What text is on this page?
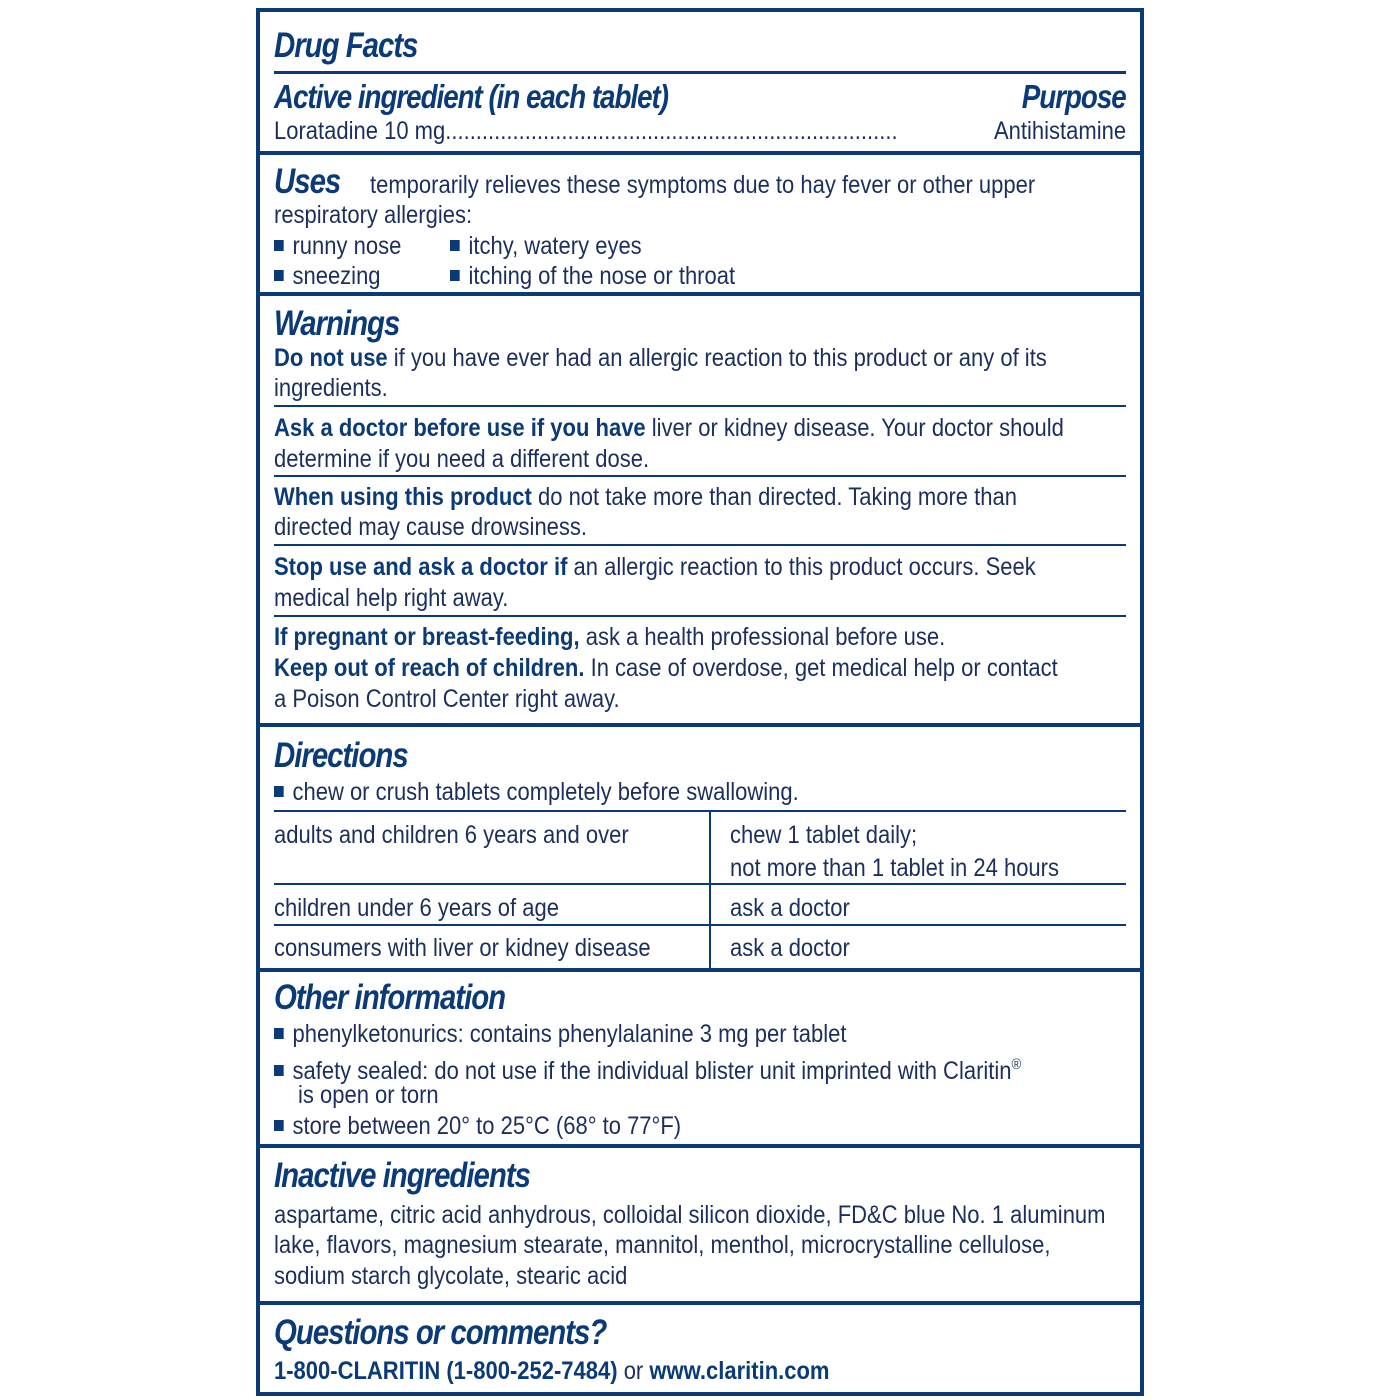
Drug Facts
Active ingredient (in each tablet)	Purpose
Loratadine 10 mg..........................................................................	Antihistamine
Uses temporarily relieves these symptoms due to hay fever or other upper
respiratory allergies:
runny nose	itchy, watery eyes
sneezing	itching of the nose or throat
Warnings
Do not use if you have ever had an allergic reaction to this product or any of its
ingredients.
Ask a doctor before use if you have liver or kidney disease. Your doctor should
determine if you need a different dose.
When using this product do not take more than directed. Taking more than
directed may cause drowsiness.
Stop use and ask a doctor if an allergic reaction to this product occurs. Seek
medical help right away.
If pregnant or breast-feeding, ask a health professional before use.
Keep out of reach of children. In case of overdose, get medical help or contact
a Poison Control Center right away.
Directions
chew or crush tablets completely before swallowing.
adults and children 6 years and over	chew 1 tablet daily;
not more than 1 tablet in 24 hours
children under 6 years of age	ask a doctor
consumers with liver or kidney disease	ask a doctor
Other information
phenylketonurics: contains phenylalanine 3 mg per tablet
safety sealed: do not use if the individual blister unit imprinted with Claritin®
is open or torn
store between 20° to 25°C (68° to 77°F)
Inactive ingredients
aspartame, citric acid anhydrous, colloidal silicon dioxide, FD&C blue No. 1 aluminum
lake, flavors, magnesium stearate, mannitol, menthol, microcrystalline cellulose,
sodium starch glycolate, stearic acid
Questions or comments?
1-800-CLARITIN (1-800-252-7484) or www.claritin.com
